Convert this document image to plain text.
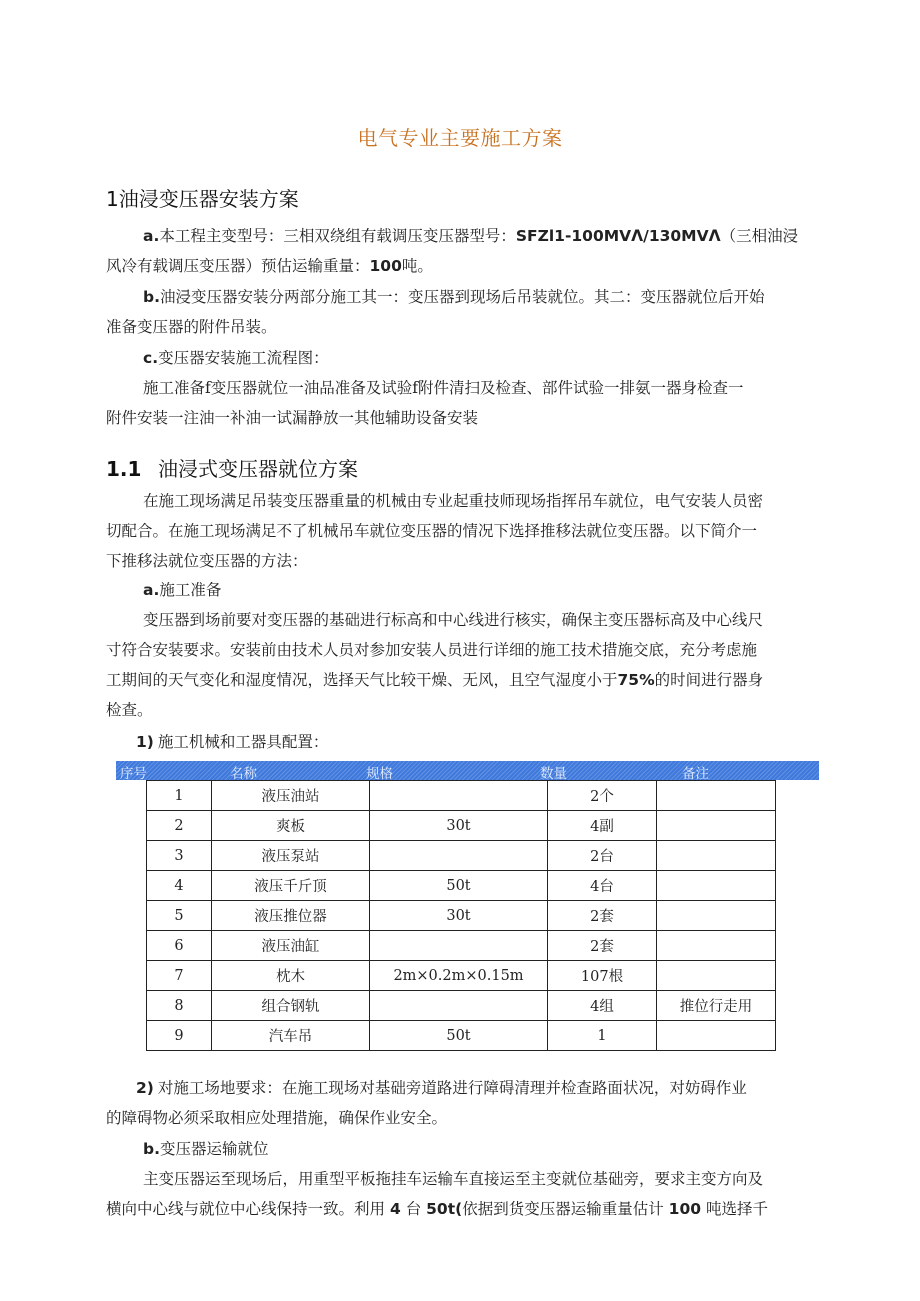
电气专业主要施工方案
1油浸变压器安装方案
a.本工程主变型号：三相双绕组有载调压变压器型号：SFZl1-100MVΛ/130MVΛ（三相油浸
风冷有载调压变压器）预估运输重量：100吨。
b.油浸变压器安装分两部分施工其一：变压器到现场后吊装就位。其二：变压器就位后开始
准备变压器的附件吊装。
c.变压器安装施工流程图：
施工准备f变压器就位一油品准备及试验f附件清扫及检查、部件试验一排氨一器身检查一
附件安装一注油一补油一试漏静放一其他辅助设备安装
1.1 油浸式变压器就位方案
在施工现场满足吊装变压器重量的机械由专业起重技师现场指挥吊车就位，电气安装人员密
切配合。在施工现场满足不了机械吊车就位变压器的情况下选择推移法就位变压器。以下简介一
下推移法就位变压器的方法：
a.施工准备
变压器到场前要对变压器的基础进行标高和中心线进行核实，确保主变压器标高及中心线尺
寸符合安装要求。安装前由技术人员对参加安装人员进行详细的施工技术措施交底，充分考虑施
工期间的天气变化和湿度情况，选择天气比较干燥、无风，且空气湿度小于75%的时间进行器身
检查。
1) 施工机械和工器具配置：
序号	名称	规格	数量	备注
1	液压油站		2个	
2	爽板	30t	4副	
3	液压泵站		2台	
4	液压千斤顶	50t	4台	
5	液压推位器	30t	2套	
6	液压油缸		2套	
7	枕木	2m×0.2m×0.15m	107根	
8	组合钢轨		4组	推位行走用
9	汽车吊	50t	1	
2) 对施工场地要求：在施工现场对基础旁道路进行障碍清理并检查路面状况，对妨碍作业
的障碍物必须采取相应处理措施，确保作业安全。
b.变压器运输就位
主变压器运至现场后，用重型平板拖挂车运输车直接运至主变就位基础旁，要求主变方向及
横向中心线与就位中心线保持一致。利用 4 台 50t(依据到货变压器运输重量估计 100 吨选择千
